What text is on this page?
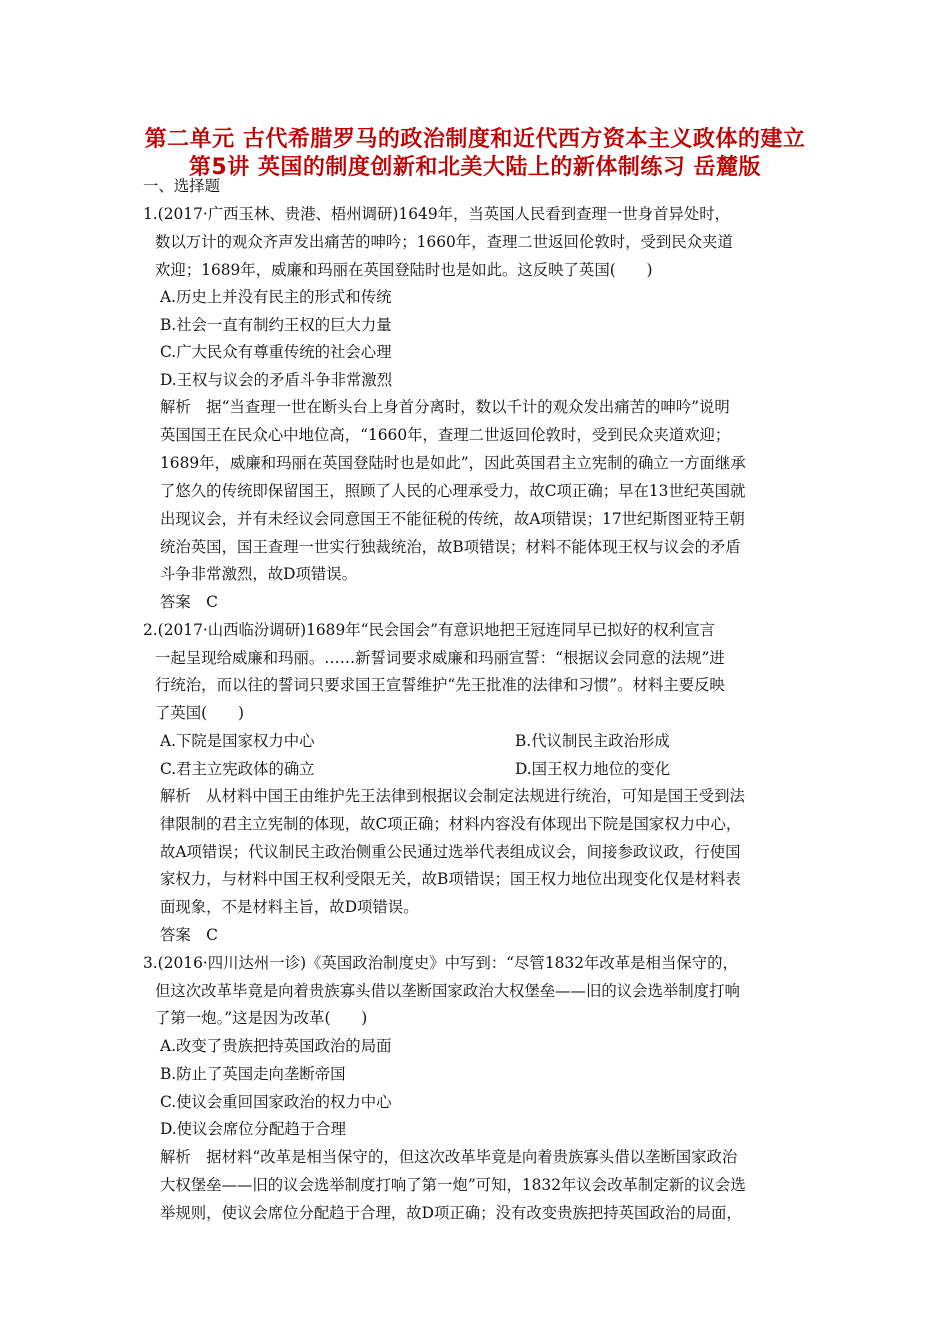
第二单元 古代希腊罗马的政治制度和近代西方资本主义政体的建立
第5讲 英国的制度创新和北美大陆上的新体制练习 岳麓版
一、选择题
1.(2017·广西玉林、贵港、梧州调研)1649年，当英国人民看到查理一世身首异处时，
数以万计的观众齐声发出痛苦的呻吟；1660年，查理二世返回伦敦时，受到民众夹道
欢迎；1689年，威廉和玛丽在英国登陆时也是如此。这反映了英国(　　)
A.历史上并没有民主的形式和传统
B.社会一直有制约王权的巨大力量
C.广大民众有尊重传统的社会心理
D.王权与议会的矛盾斗争非常激烈
解析　据“当查理一世在断头台上身首分离时，数以千计的观众发出痛苦的呻吟”说明
英国国王在民众心中地位高，“1660年，查理二世返回伦敦时，受到民众夹道欢迎；
1689年，威廉和玛丽在英国登陆时也是如此”，因此英国君主立宪制的确立一方面继承
了悠久的传统即保留国王，照顾了人民的心理承受力，故C项正确；早在13世纪英国就
出现议会，并有未经议会同意国王不能征税的传统，故A项错误；17世纪斯图亚特王朝
统治英国，国王查理一世实行独裁统治，故B项错误；材料不能体现王权与议会的矛盾
斗争非常激烈，故D项错误。
答案　C
2.(2017·山西临汾调研)1689年“民会国会”有意识地把王冠连同早已拟好的权利宣言
一起呈现给威廉和玛丽。……新誓词要求威廉和玛丽宣誓：“根据议会同意的法规”进
行统治，而以往的誓词只要求国王宣誓维护“先王批准的法律和习惯”。材料主要反映
了英国(　　)
A.下院是国家权力中心	B.代议制民主政治形成
C.君主立宪政体的确立	D.国王权力地位的变化
解析　从材料中国王由维护先王法律到根据议会制定法规进行统治，可知是国王受到法
律限制的君主立宪制的体现，故C项正确；材料内容没有体现出下院是国家权力中心，
故A项错误；代议制民主政治侧重公民通过选举代表组成议会，间接参政议政，行使国
家权力，与材料中国王权利受限无关，故B项错误；国王权力地位出现变化仅是材料表
面现象，不是材料主旨，故D项错误。
答案　C
3.(2016·四川达州一诊)《英国政治制度史》中写到：“尽管1832年改革是相当保守的，
但这次改革毕竟是向着贵族寡头借以垄断国家政治大权堡垒——旧的议会选举制度打响
了第一炮。”这是因为改革(　　)
A.改变了贵族把持英国政治的局面
B.防止了英国走向垄断帝国
C.使议会重回国家政治的权力中心
D.使议会席位分配趋于合理
解析　据材料“改革是相当保守的，但这次改革毕竟是向着贵族寡头借以垄断国家政治
大权堡垒——旧的议会选举制度打响了第一炮”可知，1832年议会改革制定新的议会选
举规则，使议会席位分配趋于合理，故D项正确；没有改变贵族把持英国政治的局面，
